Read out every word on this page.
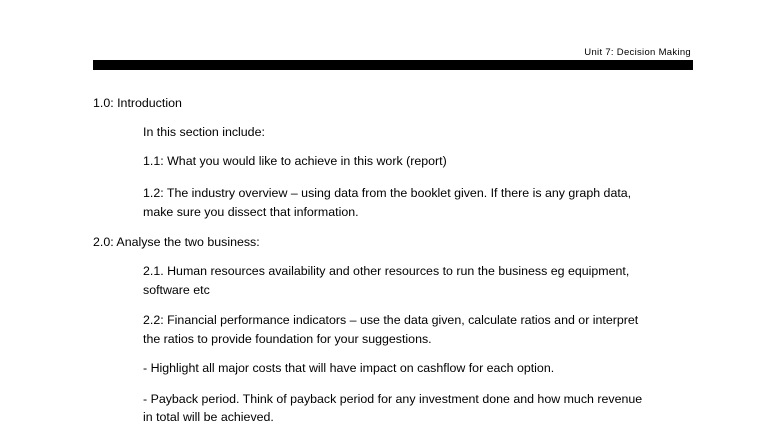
Unit 7: Decision Making
1.0: Introduction
In this section include:
1.1: What you would like to achieve in this work (report)
1.2: The industry overview – using data from the booklet given. If there is any graph data,
make sure you dissect that information.
2.0: Analyse the two business:
2.1. Human resources availability and other resources to run the business eg equipment,
software etc
2.2: Financial performance indicators – use the data given, calculate ratios and or interpret
the ratios to provide foundation for your suggestions.
- Highlight all major costs that will have impact on cashflow for each option.
- Payback period. Think of payback period for any investment done and how much revenue
in total will be achieved.
